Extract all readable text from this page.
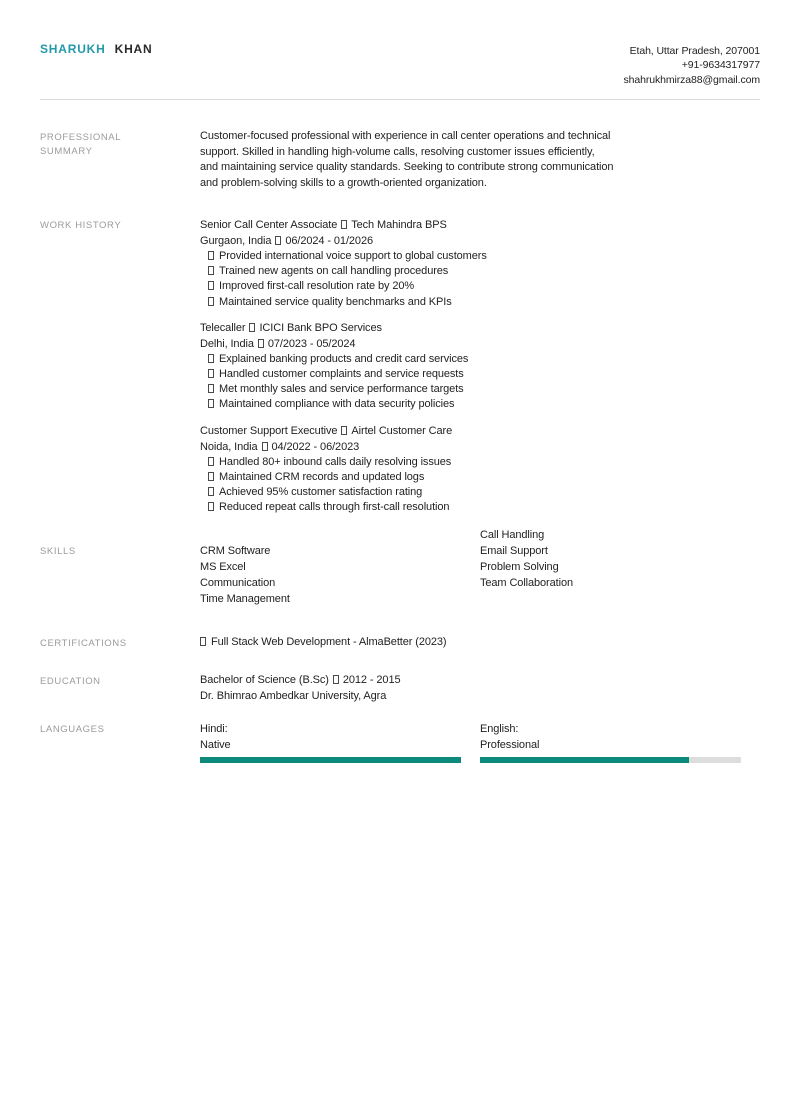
SHARUKH KHAN	Etah, Uttar Pradesh, 207001
+91-9634317977
shahrukhmirza88@gmail.com
PROFESSIONAL SUMMARY
Customer-focused professional with experience in call center operations and technical support. Skilled in handling high-volume calls, resolving customer issues efficiently, and maintaining service quality standards. Seeking to contribute strong communication and problem-solving skills to a growth-oriented organization.
WORK HISTORY	Senior Call Center Associate Tech Mahindra BPS
Gurgaon, India 06/2024 - 01/2026
Provided international voice support to global customers
Trained new agents on call handling procedures
Improved first-call resolution rate by 20%
Maintained service quality benchmarks and KPIs
Telecaller ICICI Bank BPO Services
Delhi, India 07/2023 - 05/2024
Explained banking products and credit card services
Handled customer complaints and service requests
Met monthly sales and service performance targets
Maintained compliance with data security policies
Customer Support Executive Airtel Customer Care
Noida, India 04/2022 - 06/2023
Handled 80+ inbound calls daily resolving issues
Maintained CRM records and updated logs
Achieved 95% customer satisfaction rating
Reduced repeat calls through first-call resolution
SKILLS	CRM Software
MS Excel
Communication
Time Management
Call Handling
Email Support
Problem Solving
Team Collaboration
CERTIFICATIONS	Full Stack Web Development - AlmaBetter (2023)
EDUCATION	Bachelor of Science (B.Sc) 2012 - 2015
Dr. Bhimrao Ambedkar University, Agra
LANGUAGES	Hindi:
Native
English:
Professional
